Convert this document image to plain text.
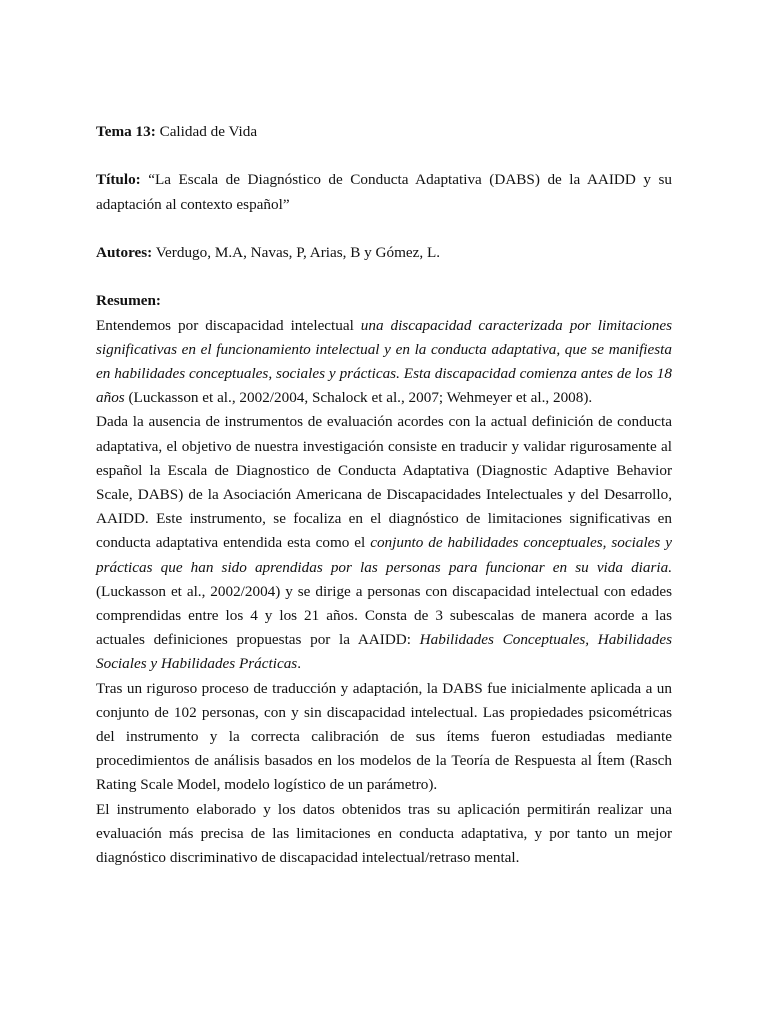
Tema 13: Calidad de Vida

Título: “La Escala de Diagnóstico de Conducta Adaptativa (DABS) de la AAIDD y su adaptación al contexto español”

Autores: Verdugo, M.A, Navas, P, Arias, B y Gómez, L.

Resumen:

Entendemos por discapacidad intelectual una discapacidad caracterizada por limitaciones significativas en el funcionamiento intelectual y en la conducta adaptativa, que se manifiesta en habilidades conceptuales, sociales y prácticas. Esta discapacidad comienza antes de los 18 años (Luckasson et al., 2002/2004, Schalock et al., 2007; Wehmeyer et al., 2008).

Dada la ausencia de instrumentos de evaluación acordes con la actual definición de conducta adaptativa, el objetivo de nuestra investigación consiste en traducir y validar rigurosamente al español la Escala de Diagnostico de Conducta Adaptativa (Diagnostic Adaptive Behavior Scale, DABS) de la Asociación Americana de Discapacidades Intelectuales y del Desarrollo, AAIDD. Este instrumento, se focaliza en el diagnóstico de limitaciones significativas en conducta adaptativa entendida esta como el conjunto de habilidades conceptuales, sociales y prácticas que han sido aprendidas por las personas para funcionar en su vida diaria. (Luckasson et al., 2002/2004) y se dirige a personas con discapacidad intelectual con edades comprendidas entre los 4 y los 21 años. Consta de 3 subescalas de manera acorde a las actuales definiciones propuestas por la AAIDD: Habilidades Conceptuales, Habilidades Sociales y Habilidades Prácticas.

Tras un riguroso proceso de traducción y adaptación, la DABS fue inicialmente aplicada a un conjunto de 102 personas, con y sin discapacidad intelectual. Las propiedades psicométricas del instrumento y la correcta calibración de sus ítems fueron estudiadas mediante procedimientos de análisis basados en los modelos de la Teoría de Respuesta al Ítem (Rasch Rating Scale Model, modelo logístico de un parámetro).

El instrumento elaborado y los datos obtenidos tras su aplicación permitirán realizar una evaluación más precisa de las limitaciones en conducta adaptativa, y por tanto un mejor diagnóstico discriminativo de discapacidad intelectual/retraso mental.
